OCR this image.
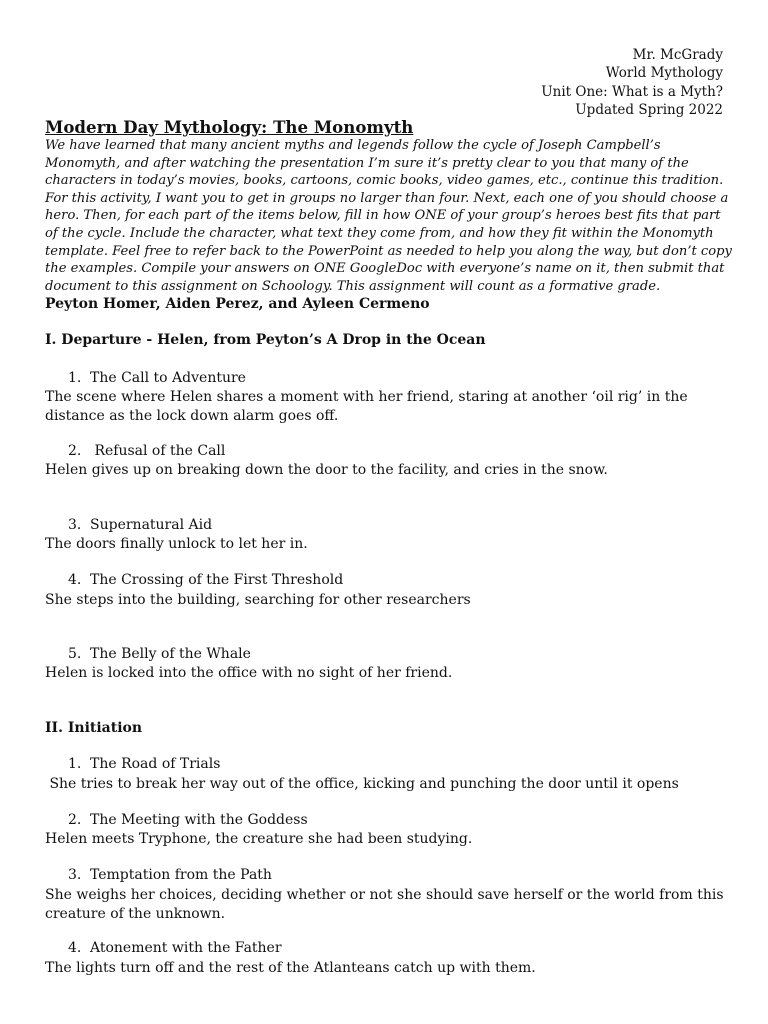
Mr. McGrady
World Mythology
Unit One: What is a Myth?
Updated Spring 2022
Modern Day Mythology: The Monomyth
We have learned that many ancient myths and legends follow the cycle of Joseph Campbell’s Monomyth, and after watching the presentation I’m sure it’s pretty clear to you that many of the characters in today’s movies, books, cartoons, comic books, video games, etc., continue this tradition. For this activity, I want you to get in groups no larger than four. Next, each one of you should choose a hero. Then, for each part of the items below, fill in how ONE of your group’s heroes best fits that part of the cycle. Include the character, what text they come from, and how they fit within the Monomyth template. Feel free to refer back to the PowerPoint as needed to help you along the way, but don’t copy the examples. Compile your answers on ONE GoogleDoc with everyone’s name on it, then submit that document to this assignment on Schoology. This assignment will count as a formative grade.
Peyton Homer, Aiden Perez, and Ayleen Cermeno
I. Departure - Helen, from Peyton’s A Drop in the Ocean
1. The Call to Adventure
The scene where Helen shares a moment with her friend, staring at another ‘oil rig’ in the distance as the lock down alarm goes off.
2. Refusal of the Call
Helen gives up on breaking down the door to the facility, and cries in the snow.
3. Supernatural Aid
The doors finally unlock to let her in.
4. The Crossing of the First Threshold
She steps into the building, searching for other researchers
5. The Belly of the Whale
Helen is locked into the office with no sight of her friend.
II. Initiation
1. The Road of Trials
She tries to break her way out of the office, kicking and punching the door until it opens
2. The Meeting with the Goddess
Helen meets Tryphone, the creature she had been studying.
3. Temptation from the Path
She weighs her choices, deciding whether or not she should save herself or the world from this creature of the unknown.
4. Atonement with the Father
The lights turn off and the rest of the Atlanteans catch up with them.
